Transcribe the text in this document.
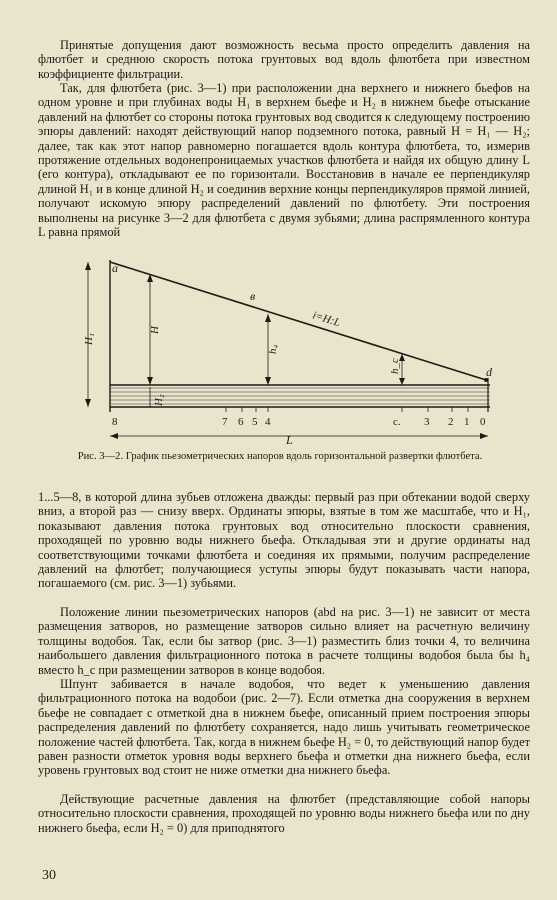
Принятые допущения дают возможность весьма просто определить давления на флютбет и среднюю скорость потока грунтовых вод вдоль флютбета при известном коэффициенте фильтрации.

Так, для флютбета (рис. 3—1) при расположении дна верхнего и нижнего бьефов на одном уровне и при глубинах воды H₁ в верхнем бьефе и H₂ в нижнем бьефе отыскание давлений на флютбет со стороны потока грунтовых вод сводится к следующему построению эпюры давлений: находят действующий напор подземного потока, равный H = H₁ — H₂; далее, так как этот напор равномерно погашается вдоль контура флютбета, то, измерив протяжение отдельных водонепроницаемых участков флютбета и найдя их общую длину L (его контура), откладывают ее по горизонтали. Восстановив в начале ее перпендикуляр длиной H₁ и в конце длиной H₂ и соединив верхние концы перпендикуляров прямой линией, получают искомую эпюру распределений давлений по флютбету. Эти построения выполнены на рисунке 3—2 для флютбета с двумя зубьями; длина распрямленного контура L равна прямой

a
в
d
i=H:L
H₁
H
H₂
h₄
h_c
L
8	7 6 5 4	с. 3 2 1 0
Рис. 3—2. График пьезометрических напоров вдоль горизонтальной развертки флютбета.

1...5—8, в которой длина зубьев отложена дважды: первый раз при обтекании водой сверху вниз, а второй раз — снизу вверх. Ординаты эпюры, взятые в том же масштабе, что и H₁, показывают давления потока грунтовых вод относительно плоскости сравнения, проходящей по уровню воды нижнего бьефа. Откладывая эти и другие ординаты над соответствующими точками флютбета и соединяя их прямыми, получим распределение давлений на флютбет; получающиеся уступы эпюры будут показывать части напора, погашаемого (см. рис. 3—1) зубьями.

Положение линии пьезометрических напоров (abd на рис. 3—1) не зависит от места размещения затворов, но размещение затворов сильно влияет на расчетную величину толщины водобоя. Так, если бы затвор (рис. 3—1) разместить близ точки 4, то величина наибольшего давления фильтрационного потока в расчете толщины водобоя была бы h₄ вместо h_c при размещении затворов в конце водобоя.

Шпунт забивается в начале водобоя, что ведет к уменьшению давления фильтрационного потока на водобои (рис. 2—7). Если отметка дна сооружения в верхнем бьефе не совпадает с отметкой дна в нижнем бьефе, описанный прием построения эпюры распределения давлений по флютбету сохраняется, надо лишь учитывать геометрическое положение частей флютбета. Так, когда в нижнем бьефе H₂ = 0, то действующий напор будет равен разности отметок уровня воды верхнего бьефа и отметки дна нижнего бьефа, если уровень грунтовых вод стоит не ниже отметки дна нижнего бьефа.

Действующие расчетные давления на флютбет (представляющие собой напоры относительно плоскости сравнения, проходящей по уровню воды нижнего бьефа или по дну нижнего бьефа, если H₂ = 0) для приподнятого

30
